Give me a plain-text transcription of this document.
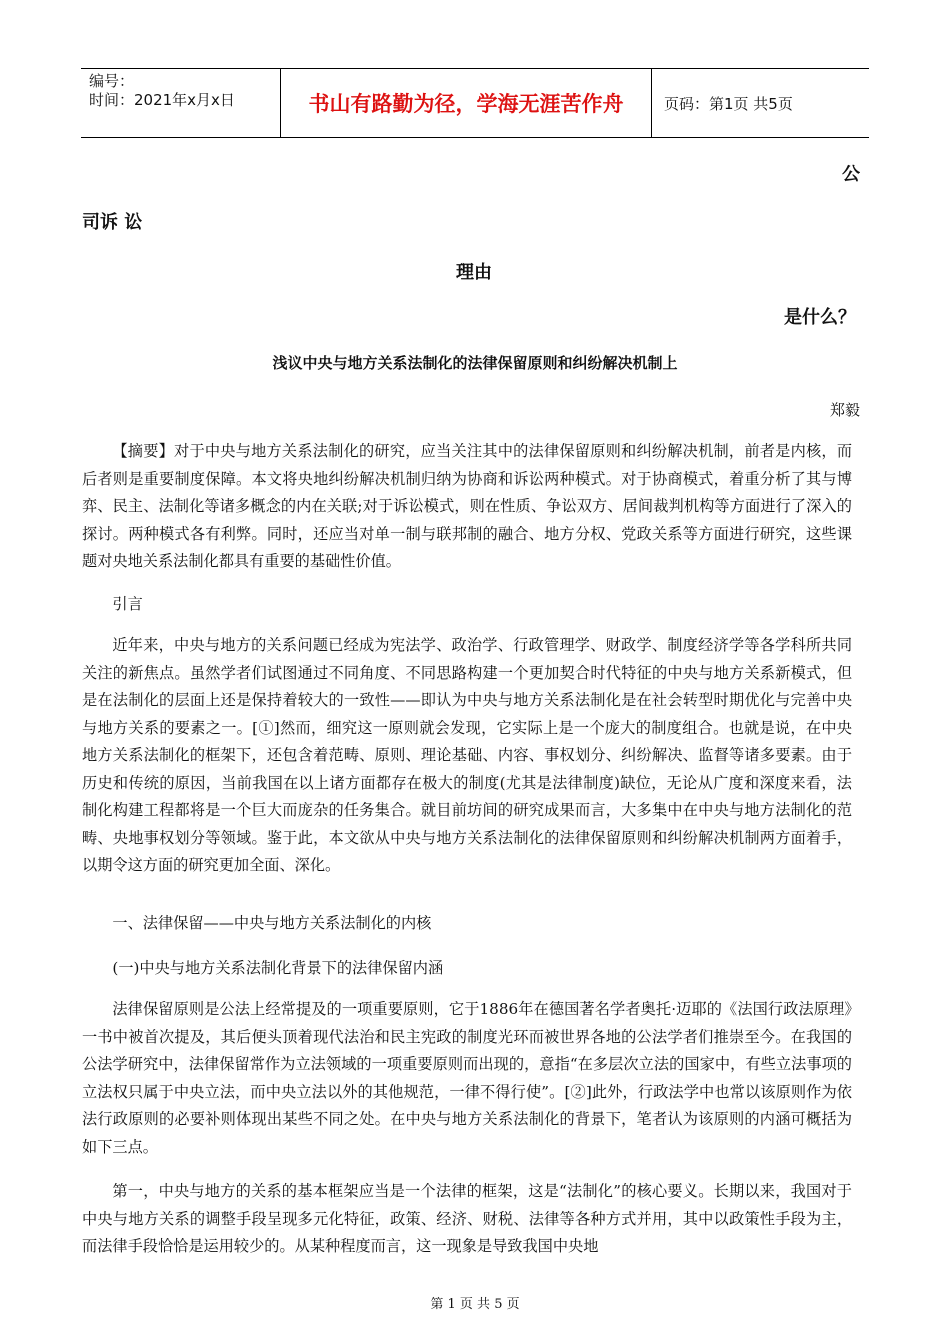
编号：
时间：2021年x月x日	书山有路勤为径，学海无涯苦作舟	页码：第1页 共5页
公
司诉 讼
理由
是什么？
浅议中央与地方关系法制化的法律保留原则和纠纷解决机制上
郑毅

【摘要】对于中央与地方关系法制化的研究，应当关注其中的法律保留原则和纠纷解决机制，前者是内核，而后者则是重要制度保障。本文将央地纠纷解决机制归纳为协商和诉讼两种模式。对于协商模式，着重分析了其与博弈、民主、法制化等诸多概念的内在关联;对于诉讼模式，则在性质、争讼双方、居间裁判机构等方面进行了深入的探讨。两种模式各有利弊。同时，还应当对单一制与联邦制的融合、地方分权、党政关系等方面进行研究，这些课题对央地关系法制化都具有重要的基础性价值。

引言

近年来，中央与地方的关系问题已经成为宪法学、政治学、行政管理学、财政学、制度经济学等各学科所共同关注的新焦点。虽然学者们试图通过不同角度、不同思路构建一个更加契合时代特征的中央与地方关系新模式，但是在法制化的层面上还是保持着较大的一致性——即认为中央与地方关系法制化是在社会转型时期优化与完善中央与地方关系的要素之一。[①]然而，细究这一原则就会发现，它实际上是一个庞大的制度组合。也就是说，在中央地方关系法制化的框架下，还包含着范畴、原则、理论基础、内容、事权划分、纠纷解决、监督等诸多要素。由于历史和传统的原因，当前我国在以上诸方面都存在极大的制度(尤其是法律制度)缺位，无论从广度和深度来看，法制化构建工程都将是一个巨大而庞杂的任务集合。就目前坊间的研究成果而言，大多集中在中央与地方法制化的范畴、央地事权划分等领域。鉴于此，本文欲从中央与地方关系法制化的法律保留原则和纠纷解决机制两方面着手，以期令这方面的研究更加全面、深化。

一、法律保留——中央与地方关系法制化的内核

(一)中央与地方关系法制化背景下的法律保留内涵

法律保留原则是公法上经常提及的一项重要原则，它于1886年在德国著名学者奥托·迈耶的《法国行政法原理》一书中被首次提及，其后便头顶着现代法治和民主宪政的制度光环而被世界各地的公法学者们推崇至今。在我国的公法学研究中，法律保留常作为立法领域的一项重要原则而出现的，意指“在多层次立法的国家中，有些立法事项的立法权只属于中央立法，而中央立法以外的其他规范，一律不得行使”。[②]此外，行政法学中也常以该原则作为依法行政原则的必要补则体现出某些不同之处。在中央与地方关系法制化的背景下，笔者认为该原则的内涵可概括为如下三点。

第一，中央与地方的关系的基本框架应当是一个法律的框架，这是“法制化”的核心要义。长期以来，我国对于中央与地方关系的调整手段呈现多元化特征，政策、经济、财税、法律等各种方式并用，其中以政策性手段为主，而法律手段恰恰是运用较少的。从某种程度而言，这一现象是导致我国中央地

第 1 页 共 5 页
